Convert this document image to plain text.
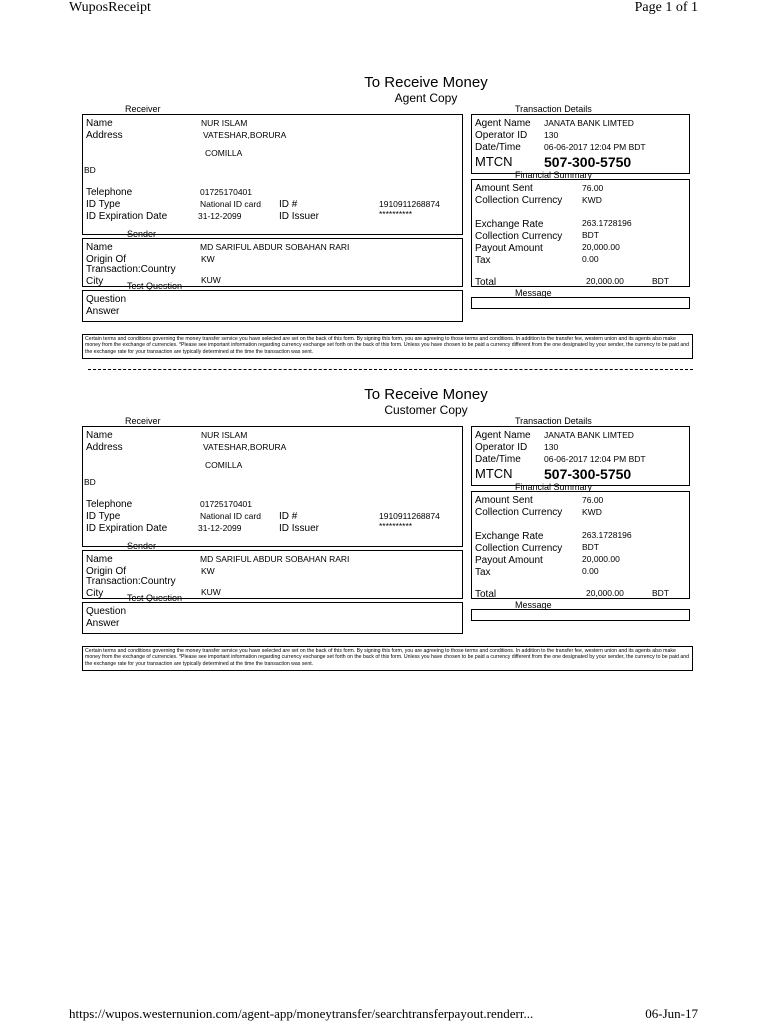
WuposReceipt	Page 1 of 1
To Receive Money
Agent Copy
Receiver
Name	NUR ISLAM
Address	VATESHAR,BORURA
COMILLA
BD
Telephone	01725170401
ID Type	National ID card ID #	1910911268874
ID Expiration Date	31-12-2099	ID Issuer	**********
Sender
Name	MD SARIFUL ABDUR SOBAHAN RARI
Origin Of	KW
Transaction:Country
City	KUW
Test Question
Question
Answer
Transaction Details
Agent Name JANATA BANK LIMTED
Operator ID 130
Date/Time	06-06-2017 12:04 PM BDT
MTCN 507-300-5750
Financial Summary
Amount Sent	76.00
Collection Currency KWD
Exchange Rate	263.1728196
Collection Currency BDT
Payout Amount	20,000.00
Tax	0.00
Total	20,000.00	BDT
Message
Certain terms and conditions governing the money transfer service you have selected are set on the back of this form. By signing this form, you are agreeing to those terms and conditions. In addition to the transfer fee, western union and its agents also make money from the exchange of currencies. *Please see important information regarding currency exchange set forth on the back of this form. Unless you have chosen to be paid a currency different from the one designated by your sender, the currency to be paid and the exchange rate for your transaction are typically determined at the time the transaction was sent.
To Receive Money
Customer Copy
Receiver
Name	NUR ISLAM
Address	VATESHAR,BORURA
COMILLA
BD
Telephone	01725170401
ID Type	National ID card ID #	1910911268874
ID Expiration Date	31-12-2099	ID Issuer	**********
Sender
Name	MD SARIFUL ABDUR SOBAHAN RARI
Origin Of	KW
Transaction:Country
City	KUW
Test Question
Question
Answer
Transaction Details
Agent Name JANATA BANK LIMTED
Operator ID 130
Date/Time	06-06-2017 12:04 PM BDT
MTCN 507-300-5750
Financial Summary
Amount Sent	76.00
Collection Currency KWD
Exchange Rate	263.1728196
Collection Currency BDT
Payout Amount	20,000.00
Tax	0.00
Total	20,000.00	BDT
Message
Certain terms and conditions governing the money transfer service you have selected are set on the back of this form. By signing this form, you are agreeing to those terms and conditions. In addition to the transfer fee, western union and its agents also make money from the exchange of currencies. *Please see important information regarding currency exchange set forth on the back of this form. Unless you have chosen to be paid a currency different from the one designated by your sender, the currency to be paid and the exchange rate for your transaction are typically determined at the time the transaction was sent.
https://wupos.westernunion.com/agent-app/moneytransfer/searchtransferpayout.renderr...	06-Jun-17
